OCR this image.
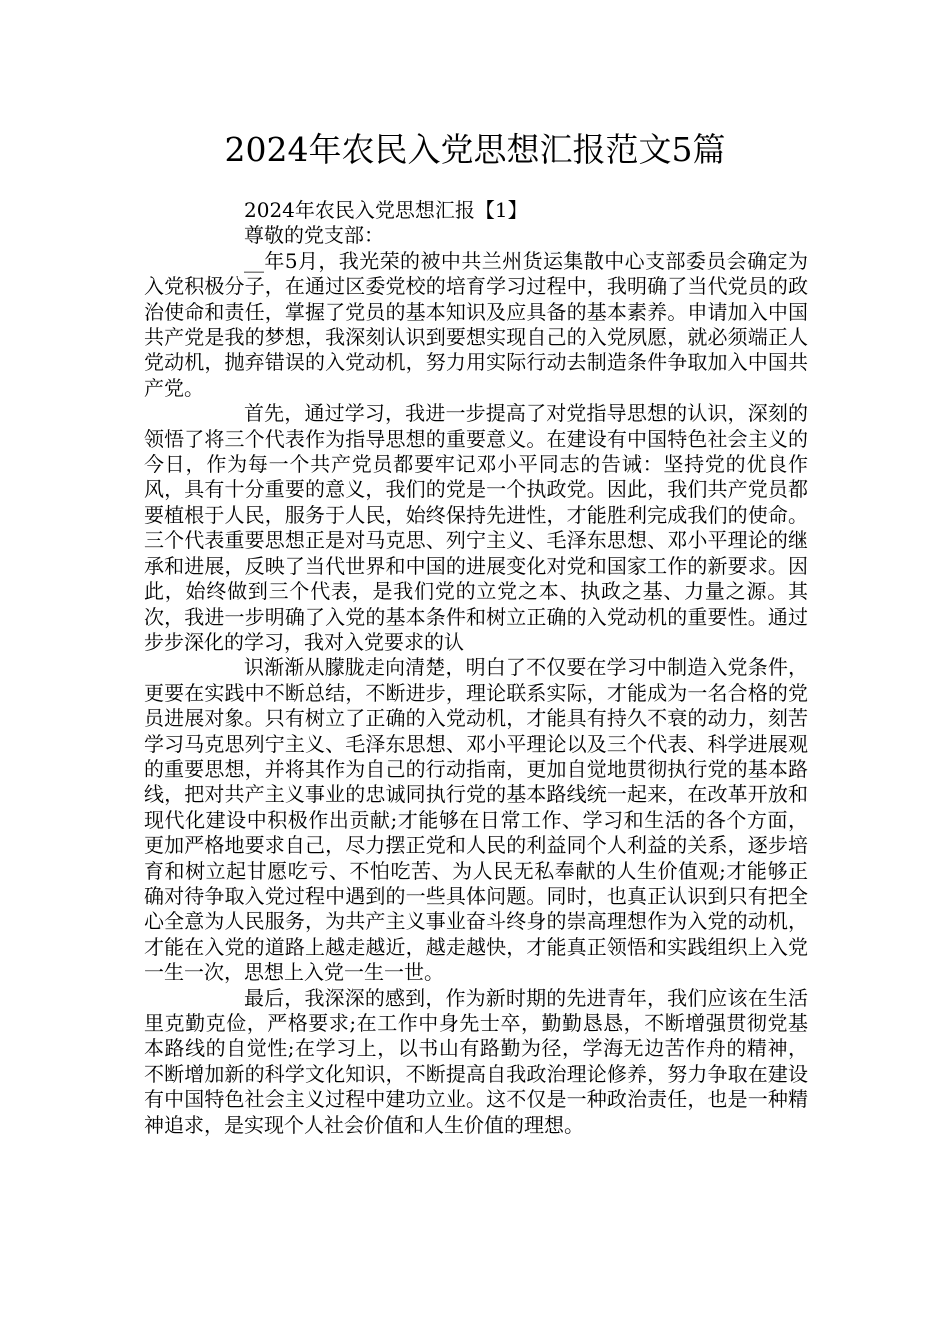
2024年农民入党思想汇报范文5篇

2024年农民入党思想汇报【1】

尊敬的党支部：

__年5月，我光荣的被中共兰州货运集散中心支部委员会确定为入党积极分子，在通过区委党校的培育学习过程中，我明确了当代党员的政治使命和责任，掌握了党员的基本知识及应具备的基本素养。申请加入中国共产党是我的梦想，我深刻认识到要想实现自己的入党夙愿，就必须端正人党动机，抛弃错误的入党动机，努力用实际行动去制造条件争取加入中国共产党。

首先，通过学习，我进一步提高了对党指导思想的认识，深刻的领悟了将三个代表作为指导思想的重要意义。在建设有中国特色社会主义的今日，作为每一个共产党员都要牢记邓小平同志的告诫：坚持党的优良作风，具有十分重要的意义，我们的党是一个执政党。因此，我们共产党员都要植根于人民，服务于人民，始终保持先进性，才能胜利完成我们的使命。三个代表重要思想正是对马克思、列宁主义、毛泽东思想、邓小平理论的继承和进展，反映了当代世界和中国的进展变化对党和国家工作的新要求。因此，始终做到三个代表，是我们党的立党之本、执政之基、力量之源。其次，我进一步明确了入党的基本条件和树立正确的入党动机的重要性。通过步步深化的学习，我对入党要求的认

识渐渐从朦胧走向清楚，明白了不仅要在学习中制造入党条件，更要在实践中不断总结，不断进步，理论联系实际，才能成为一名合格的党员进展对象。只有树立了正确的入党动机，才能具有持久不衰的动力，刻苦学习马克思列宁主义、毛泽东思想、邓小平理论以及三个代表、科学进展观的重要思想，并将其作为自己的行动指南，更加自觉地贯彻执行党的基本路线，把对共产主义事业的忠诚同执行党的基本路线统一起来，在改革开放和现代化建设中积极作出贡献;才能够在日常工作、学习和生活的各个方面，更加严格地要求自己，尽力摆正党和人民的利益同个人利益的关系，逐步培育和树立起甘愿吃亏、不怕吃苦、为人民无私奉献的人生价值观;才能够正确对待争取入党过程中遇到的一些具体问题。同时，也真正认识到只有把全心全意为人民服务，为共产主义事业奋斗终身的崇高理想作为入党的动机，才能在入党的道路上越走越近，越走越快，才能真正领悟和实践组织上入党一生一次，思想上入党一生一世。

最后，我深深的感到，作为新时期的先进青年，我们应该在生活里克勤克俭，严格要求;在工作中身先士卒，勤勤恳恳，不断增强贯彻党基本路线的自觉性;在学习上，以书山有路勤为径，学海无边苦作舟的精神，不断增加新的科学文化知识，不断提高自我政治理论修养，努力争取在建设有中国特色社会主义过程中建功立业。这不仅是一种政治责任，也是一种精神追求，是实现个人社会价值和人生价值的理想。
